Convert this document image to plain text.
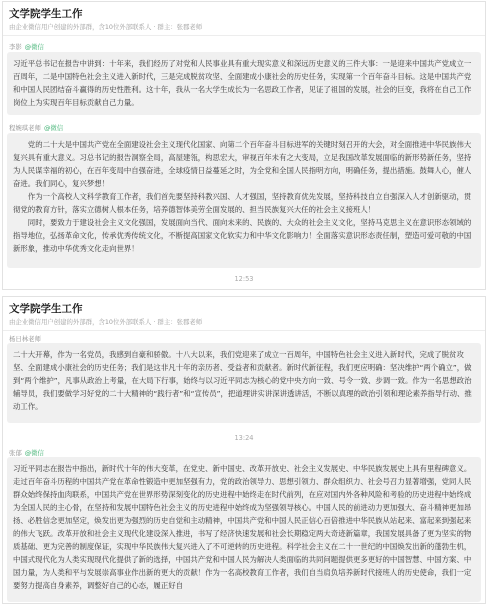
文学院学生工作
由企业微信用户创建的外部群，含10位外部联系人 · 群主：张郡老师
李影 @微信

习近平总书记在报告中讲到：十年来，我们经历了对党和人民事业具有重大现实意义和深远历史意义的三件大事：一是迎来中国共产党成立一百周年，二是中国特色社会主义进入新时代，三是完成脱贫攻坚、全面建成小康社会的历史任务，实现第一个百年奋斗目标。这是中国共产党和中国人民团结奋斗赢得的历史性胜利。这十年，我从一名大学生成长为一名思政工作者，见证了祖国的发展，社会的巨变，我将在自己工作岗位上为实现百年目标贡献自己力量。

程婉琪老师 @微信

党的二十大是中国共产党在全面建设社会主义现代化国家、向第二个百年奋斗目标进军的关键时刻召开的大会，对全面推进中华民族伟大复兴具有重大意义。习总书记的报告洞察全局，高屋建瓴，构思宏大，审视百年未有之大变局，立足我国改革发展面临的新形势新任务，坚持为人民谋幸福的初心，在百年变局中自强奋进，全球疫情日益蔓延之时，为全党和全国人民指明方向，明确任务，提出措施。鼓舞人心，催人奋进。我们同心，复兴梦想！

作为一个高校人文科学教育工作者，我们首先要坚持科教兴国、人才强国，坚持教育优先发展，坚持科技自立自强深入人才创新驱动，贯彻党的教育方针，落实立德树人根本任务，培养德智体美劳全面发展的、担当民族复兴大任的社会主义接班人！

同时，要致力于建设社会主义文化强国，发展面向当代、面向未来的、民族的、大众的社会主义文化，坚持马克思主义在意识形态领域的指导地位，弘扬革命文化，传承优秀传统文化，不断提高国家文化软实力和中华文化影响力！全面落实意识形态责任制，塑造可爱可敬的中国新形象，推动中华优秀文化走向世界！

12:53
文学院学生工作
由企业微信用户创建的外部群，含10位外部联系人 · 群主：张郡老师
杨日林老师

二十大开幕，作为一名党员，我感到自豪和骄傲。十八大以来，我们党迎来了成立一百周年，中国特色社会主义进入新时代，完成了脱贫攻坚、全面建成小康社会的历史任务；我们是这非凡十年的亲历者、受益者和贡献者。新时代新征程，我们更应明确：坚决维护“两个确立”，做到“两个维护”，凡事从政治上考量，在大局下行事，始终与以习近平同志为核心的党中央方向一致、号令一致、步调一致。作为一名思想政治辅导员，我们要做学习好党的二十大精神的“践行者”和“宣传员”，把道理讲实讲深讲透讲活，不断以真理的政治引领和理论素养指导行动、推动工作。

13:24
张郁 @微信

习近平同志在报告中指出，新时代十年的伟大变革，在党史、新中国史、改革开放史、社会主义发展史、中华民族发展史上具有里程碑意义。走过百年奋斗历程的中国共产党在革命性锻造中更加坚强有力，党的政治领导力、思想引领力、群众组织力、社会号召力显著增强，党同人民群众始终保持血肉联系，中国共产党在世界形势深刻变化的历史进程中始终走在时代前列，在应对国内外各种风险和考验的历史进程中始终成为全国人民的主心骨，在坚持和发展中国特色社会主义的历史进程中始终成为坚强领导核心。中国人民的前进动力更加强大、奋斗精神更加昂扬、必胜信念更加坚定，焕发出更为强烈的历史自觉和主动精神，中国共产党和中国人民正信心百倍推进中华民族从站起来、富起来到强起来的伟大飞跃。改革开放和社会主义现代化建设深入推进，书写了经济快速发展和社会长期稳定两大奇迹新篇章，我国发展具备了更为坚实的物质基础、更为完善的制度保证，实现中华民族伟大复兴进入了不可逆转的历史进程。科学社会主义在二十一世纪的中国焕发出新的蓬勃生机，中国式现代化为人类实现现代化提供了新的选择，中国共产党和中国人民为解决人类面临的共同问题提供更多更好的中国智慧、中国方案、中国力量，为人类和平与发展崇高事业作出新的更大的贡献！作为一名高校教育工作者，我们自当肩负培养新时代接班人的历史使命，我们一定要努力提高自身素养，调整好自己的心态，履正好自
